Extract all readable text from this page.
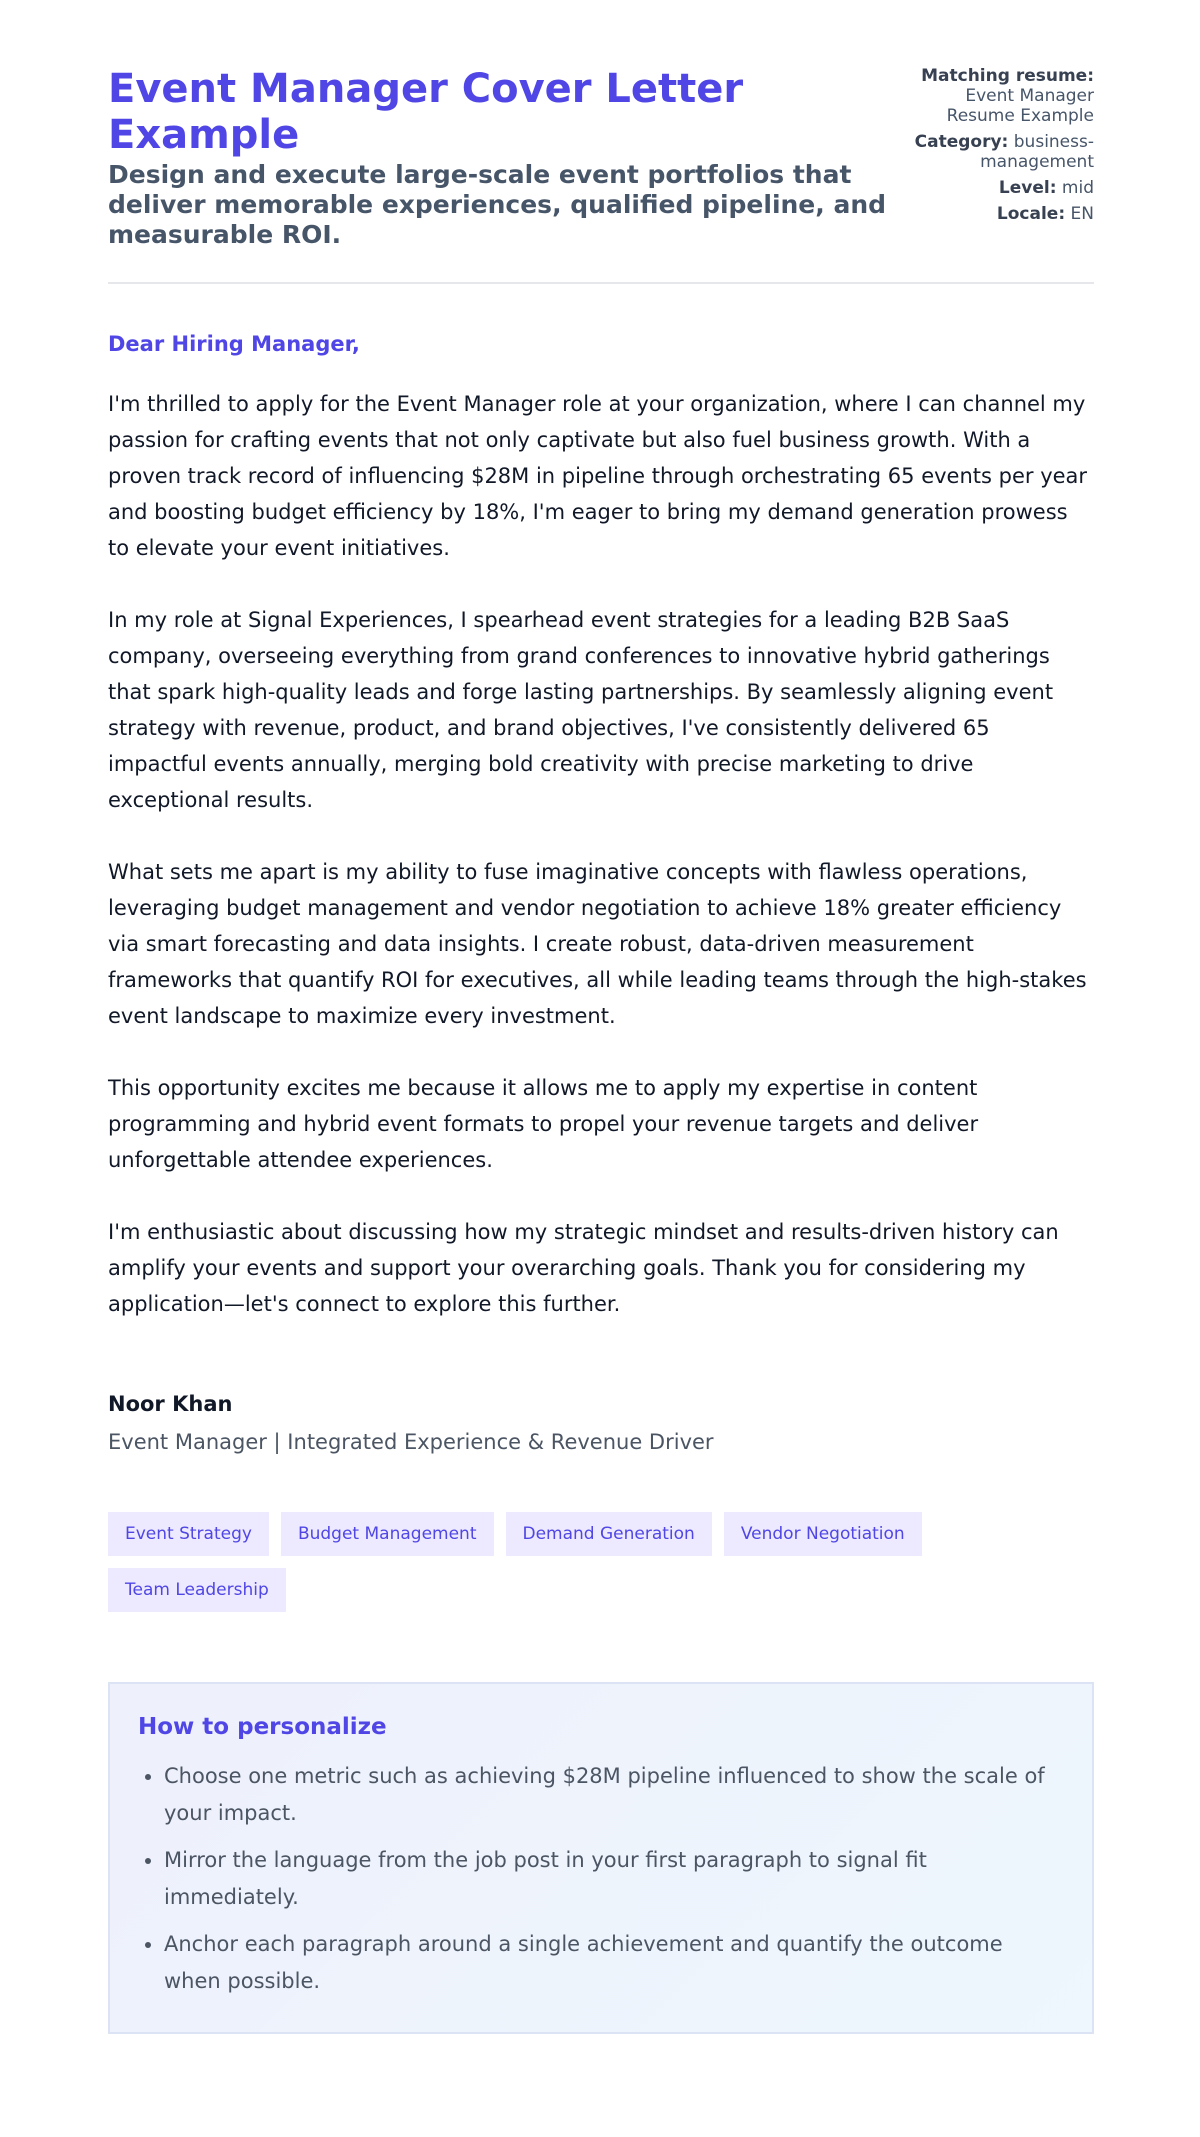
Event Manager Cover Letter Example
Design and execute large-scale event portfolios that deliver memorable experiences, qualified pipeline, and measurable ROI.
Matching resume: Event Manager Resume Example
Category: business-management
Level: mid
Locale: EN
Dear Hiring Manager,

I'm thrilled to apply for the Event Manager role at your organization, where I can channel my passion for crafting events that not only captivate but also fuel business growth. With a proven track record of influencing $28M in pipeline through orchestrating 65 events per year and boosting budget efficiency by 18%, I'm eager to bring my demand generation prowess to elevate your event initiatives.

In my role at Signal Experiences, I spearhead event strategies for a leading B2B SaaS company, overseeing everything from grand conferences to innovative hybrid gatherings that spark high-quality leads and forge lasting partnerships. By seamlessly aligning event strategy with revenue, product, and brand objectives, I've consistently delivered 65 impactful events annually, merging bold creativity with precise marketing to drive exceptional results.

What sets me apart is my ability to fuse imaginative concepts with flawless operations, leveraging budget management and vendor negotiation to achieve 18% greater efficiency via smart forecasting and data insights. I create robust, data-driven measurement frameworks that quantify ROI for executives, all while leading teams through the high-stakes event landscape to maximize every investment.

This opportunity excites me because it allows me to apply my expertise in content programming and hybrid event formats to propel your revenue targets and deliver unforgettable attendee experiences.

I'm enthusiastic about discussing how my strategic mindset and results-driven history can amplify your events and support your overarching goals. Thank you for considering my application—let's connect to explore this further.

Noor Khan
Event Manager | Integrated Experience & Revenue Driver
Event Strategy	Budget Management	Demand Generation	Vendor Negotiation
Team Leadership
How to personalize
• Choose one metric such as achieving $28M pipeline influenced to show the scale of your impact.
• Mirror the language from the job post in your first paragraph to signal fit immediately.
• Anchor each paragraph around a single achievement and quantify the outcome when possible.
